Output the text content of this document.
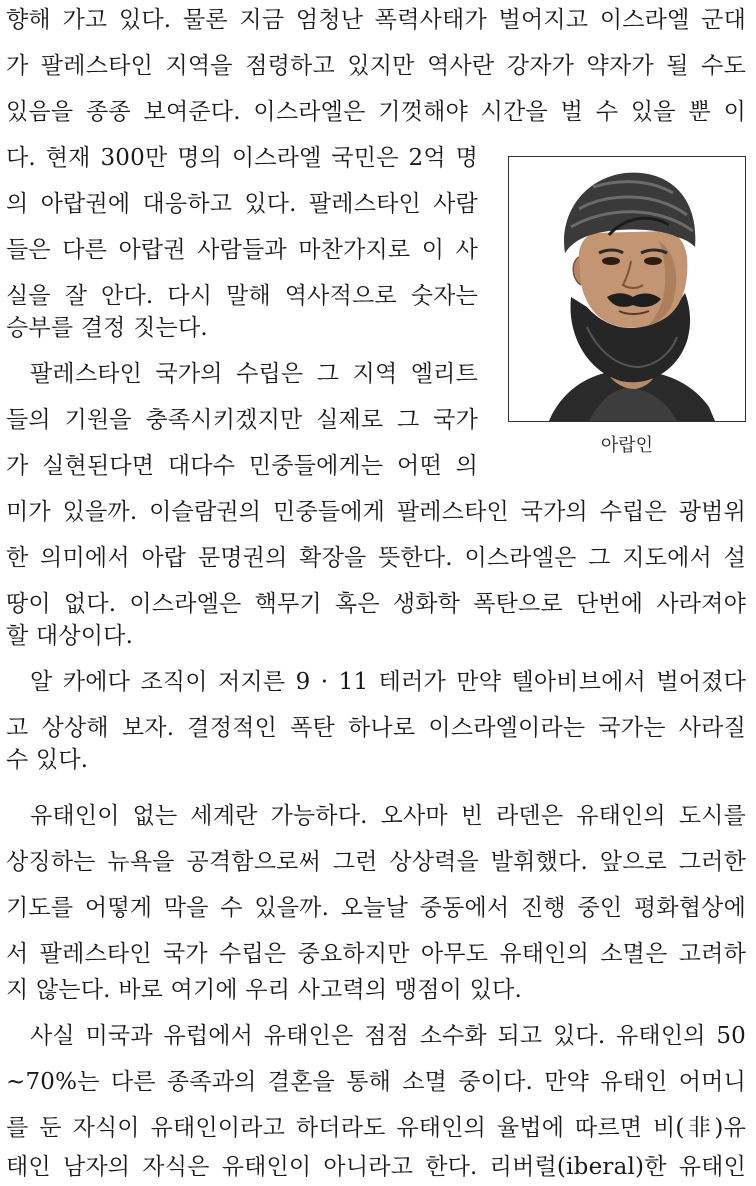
향해 가고 있다. 물론 지금 엄청난 폭력사태가 벌어지고 이스라엘 군대
가 팔레스타인 지역을 점령하고 있지만 역사란 강자가 약자가 될 수도
있음을 종종 보여준다. 이스라엘은 기껏해야 시간을 벌 수 있을 뿐 이
다. 현재 300만 명의 이스라엘 국민은 2억 명
의 아랍권에 대응하고 있다. 팔레스타인 사람
들은 다른 아랍권 사람들과 마찬가지로 이 사
실을 잘 안다. 다시 말해 역사적으로 숫자는
승부를 결정 짓는다.
팔레스타인 국가의 수립은 그 지역 엘리트
들의 기원을 충족시키겠지만 실제로 그 국가
가 실현된다면 대다수 민중들에게는 어떤 의
미가 있을까. 이슬람권의 민중들에게 팔레스타인 국가의 수립은 광범위
한 의미에서 아랍 문명권의 확장을 뜻한다. 이스라엘은 그 지도에서 설
땅이 없다. 이스라엘은 핵무기 혹은 생화학 폭탄으로 단번에 사라져야
할 대상이다.
알 카에다 조직이 저지른 9 · 11 테러가 만약 텔아비브에서 벌어졌다
고 상상해 보자. 결정적인 폭탄 하나로 이스라엘이라는 국가는 사라질
수 있다.
유태인이 없는 세계란 가능하다. 오사마 빈 라덴은 유태인의 도시를
상징하는 뉴욕을 공격함으로써 그런 상상력을 발휘했다. 앞으로 그러한
기도를 어떻게 막을 수 있을까. 오늘날 중동에서 진행 중인 평화협상에
서 팔레스타인 국가 수립은 중요하지만 아무도 유태인의 소멸은 고려하
지 않는다. 바로 여기에 우리 사고력의 맹점이 있다.
사실 미국과 유럽에서 유태인은 점점 소수화 되고 있다. 유태인의 50
~70%는 다른 종족과의 결혼을 통해 소멸 중이다. 만약 유태인 어머니
를 둔 자식이 유태인이라고 하더라도 유태인의 율법에 따르면 비(非)유
태인 남자의 자식은 유태인이 아니라고 한다. 리버럴(iberal)한 유태인
아랍인
